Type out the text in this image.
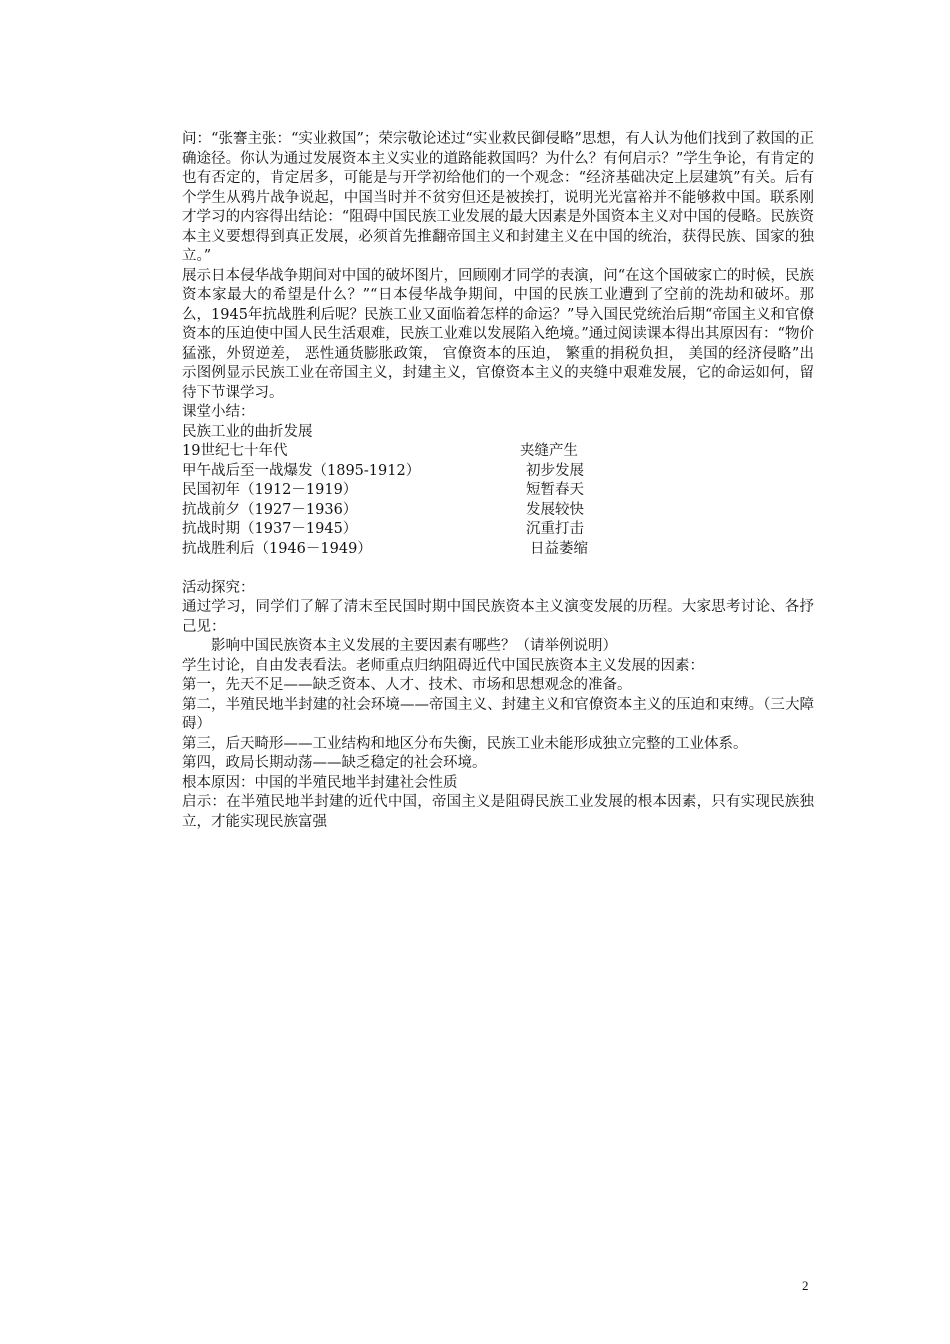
问：“张謇主张：“实业救国”；荣宗敬论述过“实业救民御侵略”思想，有人认为他们找到了救国的正确途径。你认为通过发展资本主义实业的道路能救国吗？为什么？有何启示？”学生争论，有肯定的也有否定的，肯定居多，可能是与开学初给他们的一个观念：“经济基础决定上层建筑”有关。后有个学生从鸦片战争说起，中国当时并不贫穷但还是被挨打，说明光光富裕并不能够救中国。联系刚才学习的内容得出结论：“阻碍中国民族工业发展的最大因素是外国资本主义对中国的侵略。民族资本主义要想得到真正发展，必须首先推翻帝国主义和封建主义在中国的统治，获得民族、国家的独立。”

展示日本侵华战争期间对中国的破坏图片，回顾刚才同学的表演，问“在这个国破家亡的时候，民族资本家最大的希望是什么？”“日本侵华战争期间，中国的民族工业遭到了空前的洗劫和破坏。那么，1945年抗战胜利后呢？民族工业又面临着怎样的命运？”导入国民党统治后期“帝国主义和官僚资本的压迫使中国人民生活艰难，民族工业难以发展陷入绝境。”通过阅读课本得出其原因有：“物价猛涨，外贸逆差， 恶性通货膨胀政策， 官僚资本的压迫， 繁重的捐税负担， 美国的经济侵略”出示图例显示民族工业在帝国主义，封建主义，官僚资本主义的夹缝中艰难发展，它的命运如何，留待下节课学习。

课堂小结：

民族工业的曲折发展

19世纪七十年代	夹缝产生
甲午战后至一战爆发（1895-1912）	初步发展
民国初年（1912－1919）	短暂春天
抗战前夕（1927－1936）	发展较快
抗战时期（1937－1945）	沉重打击
抗战胜利后（1946－1949）	日益萎缩

活动探究：

通过学习，同学们了解了清末至民国时期中国民族资本主义演变发展的历程。大家思考讨论、各抒己见：

影响中国民族资本主义发展的主要因素有哪些？（请举例说明）

学生讨论，自由发表看法。老师重点归纳阻碍近代中国民族资本主义发展的因素：

第一，先天不足——缺乏资本、人才、技术、市场和思想观念的准备。

第二，半殖民地半封建的社会环境——帝国主义、封建主义和官僚资本主义的压迫和束缚。（三大障碍）

第三，后天畸形——工业结构和地区分布失衡，民族工业未能形成独立完整的工业体系。

第四，政局长期动荡——缺乏稳定的社会环境。

根本原因：中国的半殖民地半封建社会性质

启示：在半殖民地半封建的近代中国，帝国主义是阻碍民族工业发展的根本因素，只有实现民族独立，才能实现民族富强

2
